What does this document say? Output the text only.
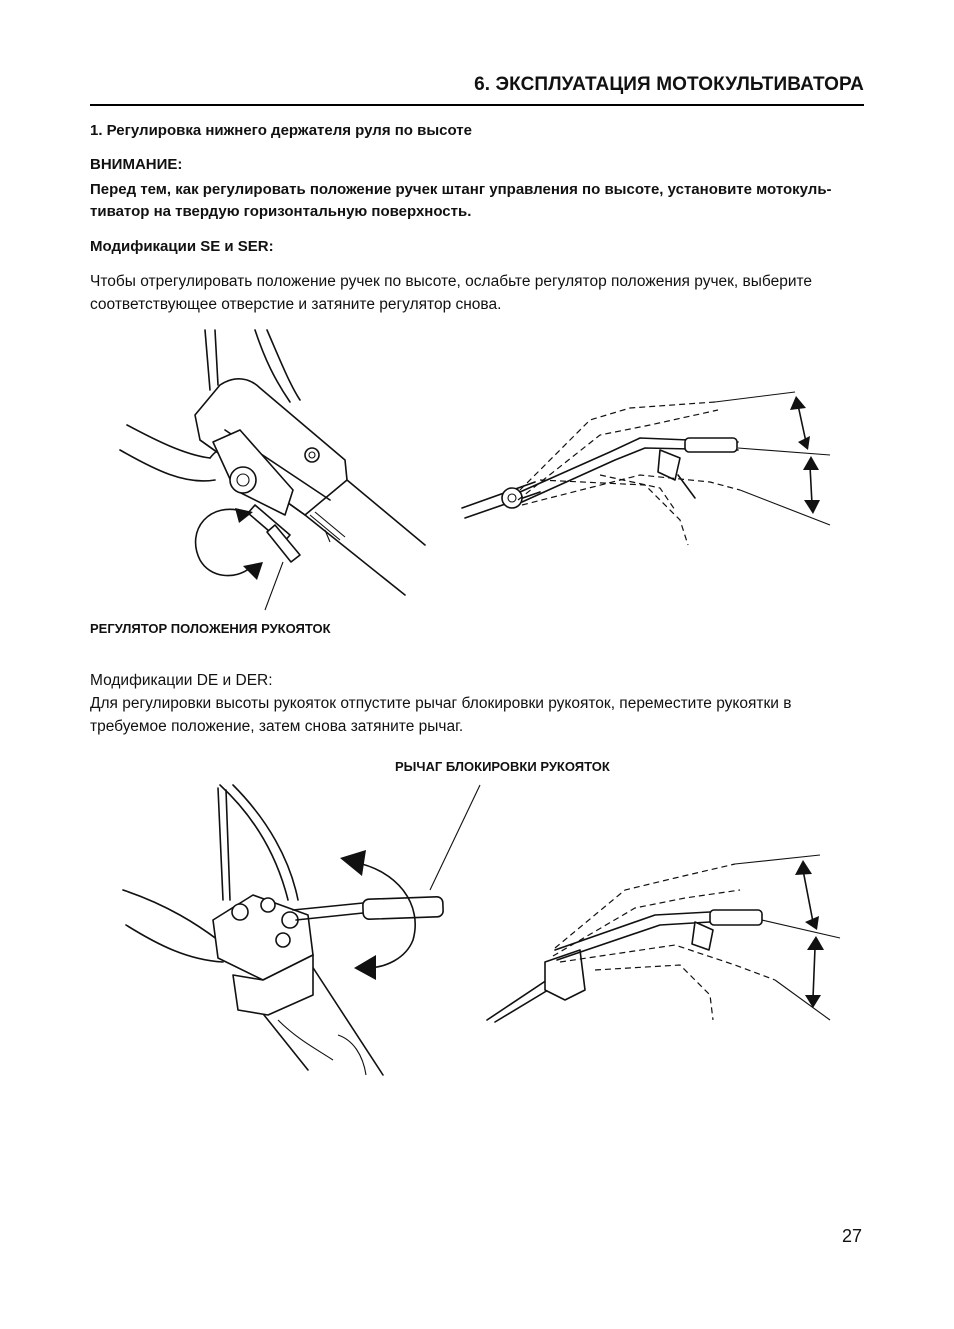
6. ЭКСПЛУАТАЦИЯ МОТОКУЛЬТИВАТОРА
1. Регулировка нижнего держателя руля по высоте
ВНИМАНИЕ:
Перед тем, как регулировать положение ручек штанг управления по высоте, установите мотокуль-
тиватор на твердую горизонтальную поверхность.
Модификации SE и SER:
Чтобы отрегулировать положение ручек по высоте, ослабьте регулятор положения ручек, выберите
соответствующее отверстие и затяните регулятор снова.
РЕГУЛЯТОР ПОЛОЖЕНИЯ РУКОЯТОК
Модификации DE и DER:
Для регулировки высоты рукояток отпустите рычаг блокировки рукояток, переместите рукоятки в
требуемое положение, затем снова затяните рычаг.
РЫЧАГ БЛОКИРОВКИ РУКОЯТОК
27
